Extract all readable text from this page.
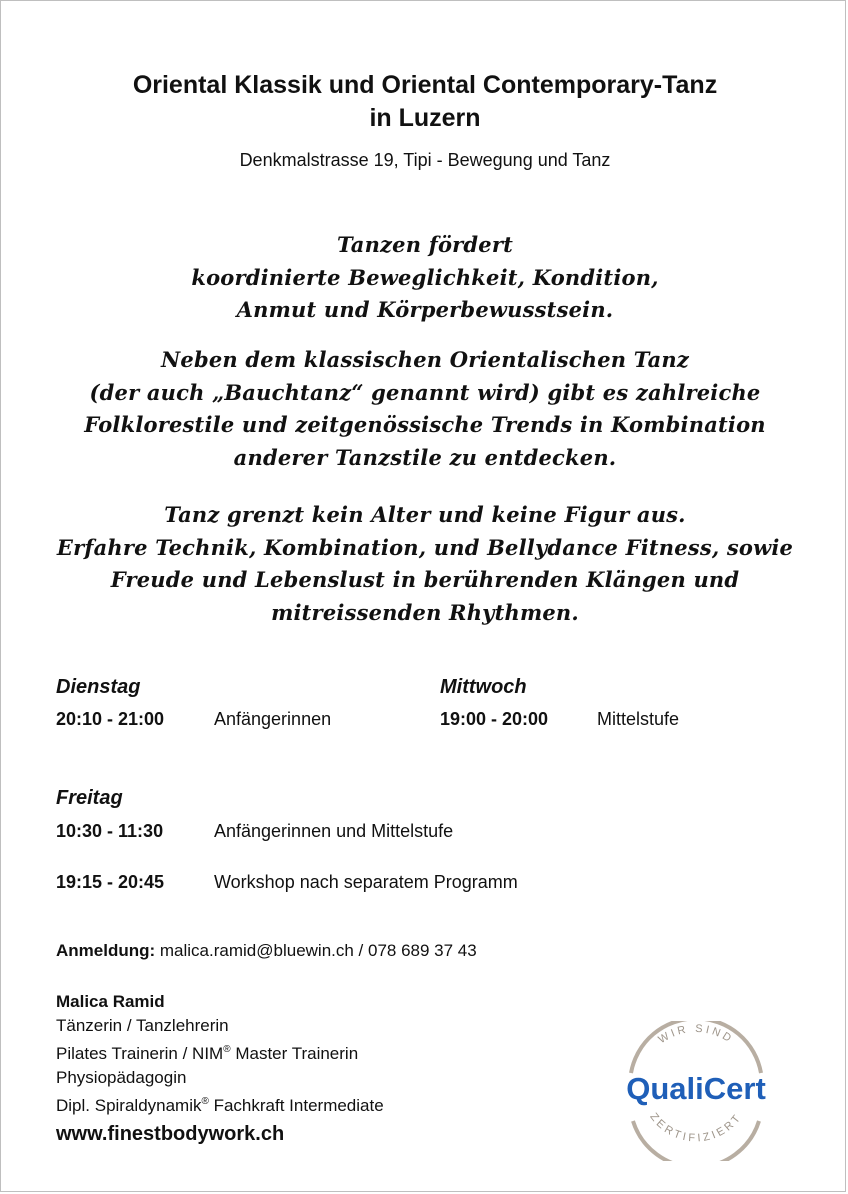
Oriental Klassik und Oriental Contemporary-Tanz
in Luzern
Denkmalstrasse 19, Tipi - Bewegung und Tanz
Tanzen fördert
koordinierte Beweglichkeit, Kondition,
Anmut und Körperbewusstsein.
Neben dem klassischen Orientalischen Tanz
(der auch „Bauchtanz“ genannt wird) gibt es zahlreiche
Folklorestile und zeitgenössische Trends in Kombination
anderer Tanzstile zu entdecken.
Tanz grenzt kein Alter und keine Figur aus.
Erfahre Technik, Kombination, und Bellydance Fitness, sowie
Freude und Lebenslust in berührenden Klängen und
mitreissenden Rhythmen.
Dienstag
20:10 - 21:00	Anfängerinnen
Mittwoch
19:00 - 20:00	Mittelstufe
Freitag
10:30 - 11:30	Anfängerinnen und Mittelstufe
19:15 - 20:45	Workshop nach separatem Programm
Anmeldung: malica.ramid@bluewin.ch / 078 689 37 43
Malica Ramid
Tänzerin / Tanzlehrerin
Pilates Trainerin / NIM® Master Trainerin
Physiopädagogin
Dipl. Spiraldynamik® Fachkraft Intermediate
www.finestbodywork.ch
WIR SIND
QualiCert
ZERTIFIZIERT
